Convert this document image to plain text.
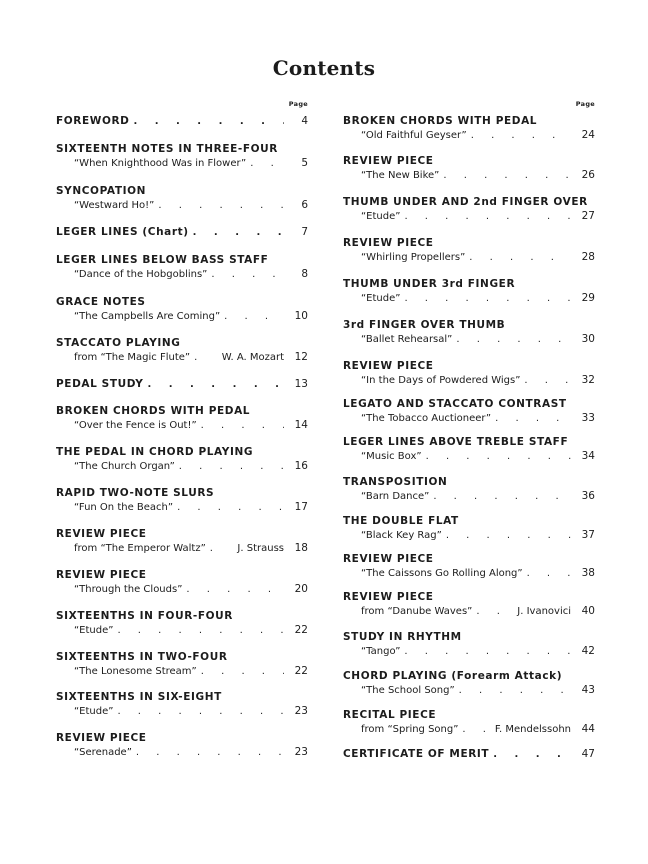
Contents
Page
FOREWORD . . .	4
SIXTEENTH NOTES IN THREE-FOUR
“When Knighthood Was in Flower” . . .	5
SYNCOPATION
“Westward Ho!” . . .	6
LEGER LINES (Chart) . . .	7
LEGER LINES BELOW BASS STAFF
“Dance of the Hobgoblins” . . .	8
GRACE NOTES
“The Campbells Are Coming” . . .	10
STACCATO PLAYING
from “The Magic Flute” . . .	W. A. Mozart	12
PEDAL STUDY . . .	13
BROKEN CHORDS WITH PEDAL
“Over the Fence is Out!” . . .	14
THE PEDAL IN CHORD PLAYING
“The Church Organ” . . .	16
RAPID TWO-NOTE SLURS
“Fun On the Beach” . . .	17
REVIEW PIECE
from “The Emperor Waltz” . . .	J. Strauss	18
REVIEW PIECE
“Through the Clouds” . . .	20
SIXTEENTHS IN FOUR-FOUR
“Etude” . . .	22
SIXTEENTHS IN TWO-FOUR
“The Lonesome Stream” . . .	22
SIXTEENTHS IN SIX-EIGHT
“Etude” . . .	23
REVIEW PIECE
“Serenade” . . .	23
Page
BROKEN CHORDS WITH PEDAL
“Old Faithful Geyser” . . .	24
REVIEW PIECE
“The New Bike” . . .	26
THUMB UNDER AND 2nd FINGER OVER
“Etude” . . .	27
REVIEW PIECE
“Whirling Propellers” . . .	28
THUMB UNDER 3rd FINGER
“Etude” . . .	29
3rd FINGER OVER THUMB
“Ballet Rehearsal” . . .	30
REVIEW PIECE
“In the Days of Powdered Wigs” . . .	32
LEGATO AND STACCATO CONTRAST
“The Tobacco Auctioneer” . . .	33
LEGER LINES ABOVE TREBLE STAFF
“Music Box” . . .	34
TRANSPOSITION
“Barn Dance” . . .	36
THE DOUBLE FLAT
“Black Key Rag” . . .	37
REVIEW PIECE
“The Caissons Go Rolling Along” . . .	38
REVIEW PIECE
from “Danube Waves” . . .	J. Ivanovici	40
STUDY IN RHYTHM
“Tango” . . .	42
CHORD PLAYING (Forearm Attack)
“The School Song” . . .	43
RECITAL PIECE
from “Spring Song” . . .	F. Mendelssohn	44
CERTIFICATE OF MERIT . . .	47
